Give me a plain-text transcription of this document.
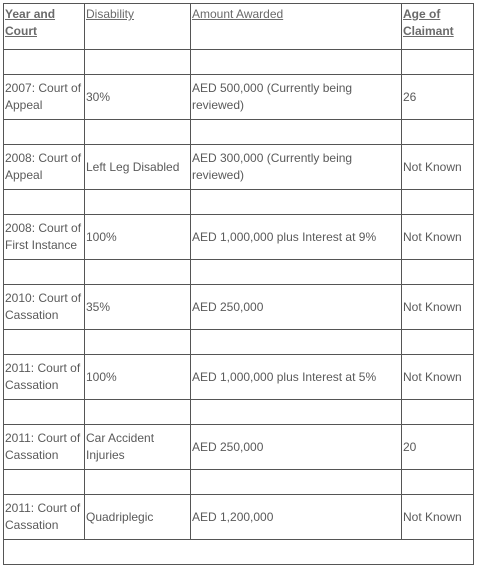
Year and Court	Disability	Amount Awarded	Age of Claimant

2007: Court of Appeal	30%	AED 500,000 (Currently being reviewed)	26

2008: Court of Appeal	Left Leg Disabled	AED 300,000 (Currently being reviewed)	Not Known

2008: Court of First Instance	100%	AED 1,000,000 plus Interest at 9%	Not Known

2010: Court of Cassation	35%	AED 250,000	Not Known

2011: Court of Cassation	100%	AED 1,000,000 plus Interest at 5%	Not Known

2011: Court of Cassation	Car Accident Injuries	AED 250,000	20

2011: Court of Cassation	Quadriplegic	AED 1,200,000	Not Known
